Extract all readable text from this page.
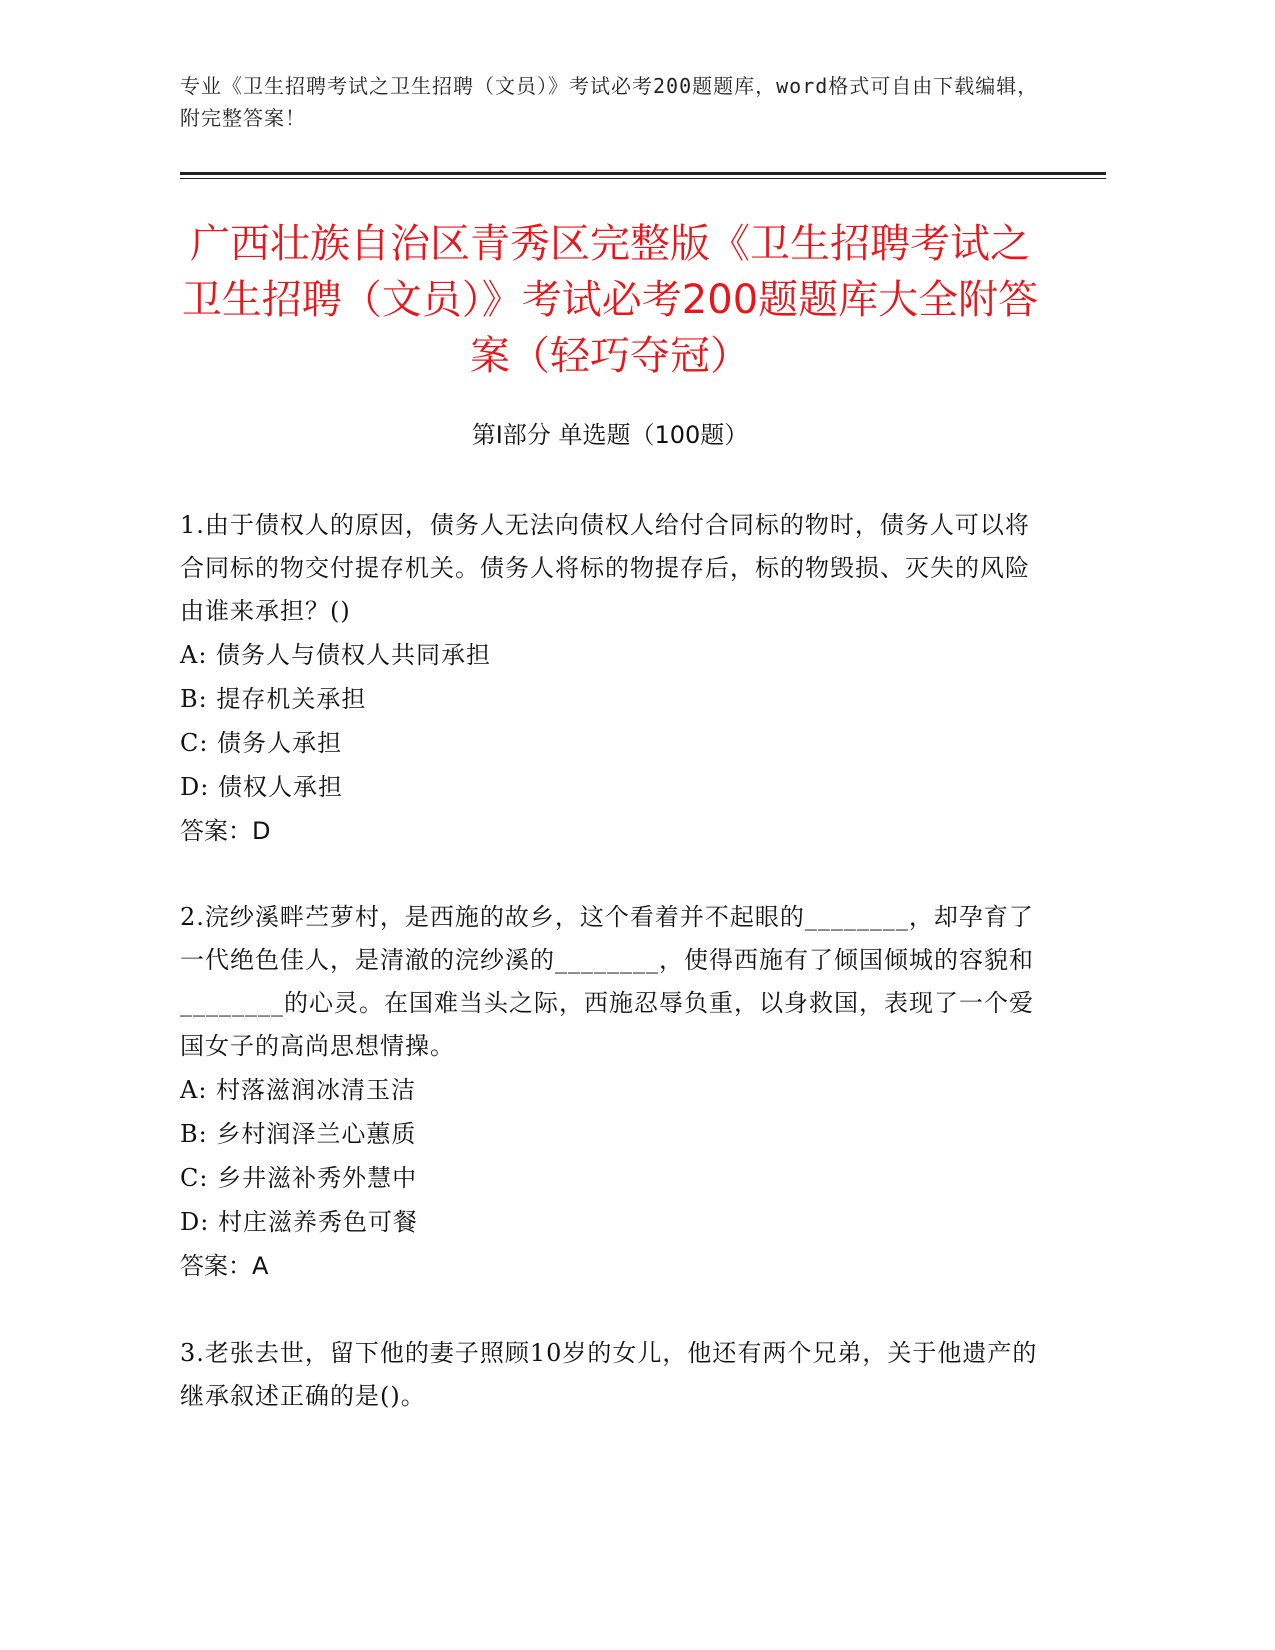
专业《卫生招聘考试之卫生招聘（文员）》考试必考200题题库，word格式可自由下载编辑，附完整答案！
广西壮族自治区青秀区完整版《卫生招聘考试之卫生招聘（文员）》考试必考200题题库大全附答案（轻巧夺冠）
第Ⅰ部分 单选题（100题）

1.由于债权人的原因，债务人无法向债权人给付合同标的物时，债务人可以将合同标的物交付提存机关。债务人将标的物提存后，标的物毁损、灭失的风险由谁来承担？()

A: 债务人与债权人共同承担

B: 提存机关承担

C: 债务人承担

D: 债权人承担

答案：D

2.浣纱溪畔苎萝村，是西施的故乡，这个看着并不起眼的________，却孕育了一代绝色佳人，是清澈的浣纱溪的________，使得西施有了倾国倾城的容貌和________的心灵。在国难当头之际，西施忍辱负重，以身救国，表现了一个爱国女子的高尚思想情操。

A: 村落滋润冰清玉洁

B: 乡村润泽兰心蕙质

C: 乡井滋补秀外慧中

D: 村庄滋养秀色可餐

答案：A

3.老张去世，留下他的妻子照顾10岁的女儿，他还有两个兄弟，关于他遗产的继承叙述正确的是()。
